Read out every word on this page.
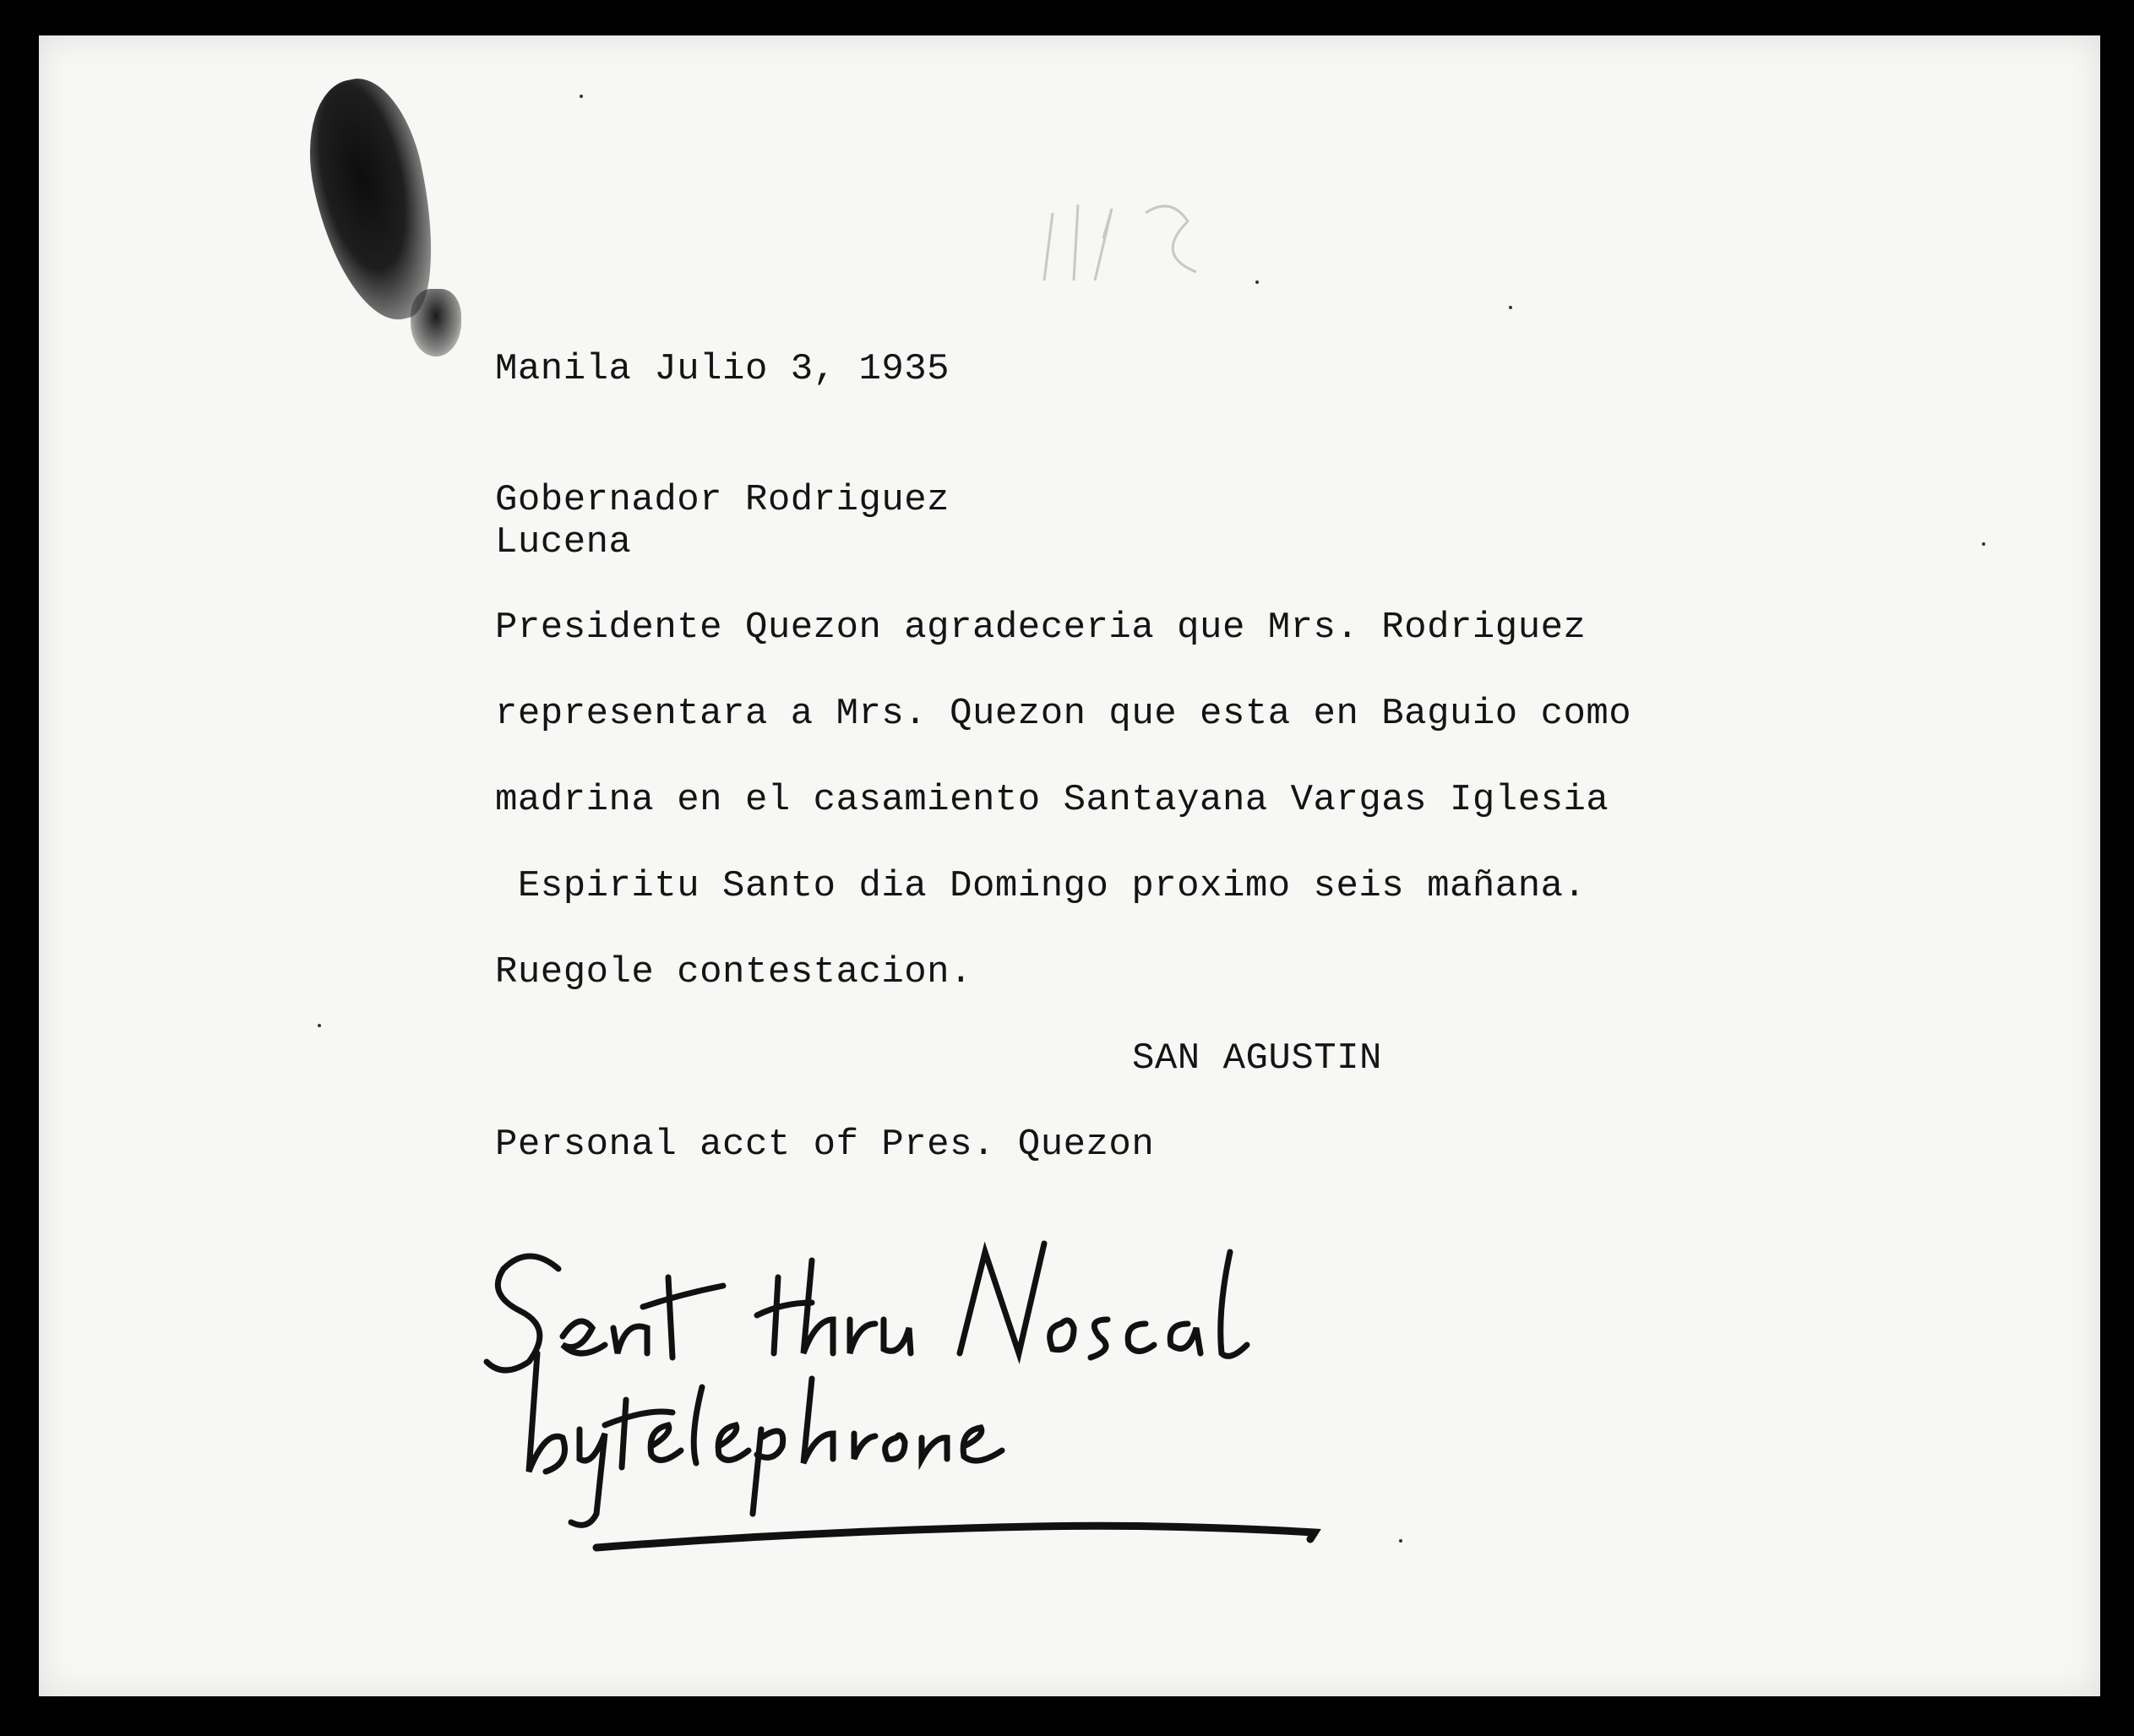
Manila Julio 3, 1935
Gobernador Rodriguez
Lucena
Presidente Quezon agradeceria que Mrs. Rodriguez
representara a Mrs. Quezon que esta en Baguio como
madrina en el casamiento Santayana Vargas Iglesia
Espiritu Santo dia Domingo proximo seis mañana.
Ruegole contestacion.
SAN AGUSTIN
Personal acct of Pres. Quezon
